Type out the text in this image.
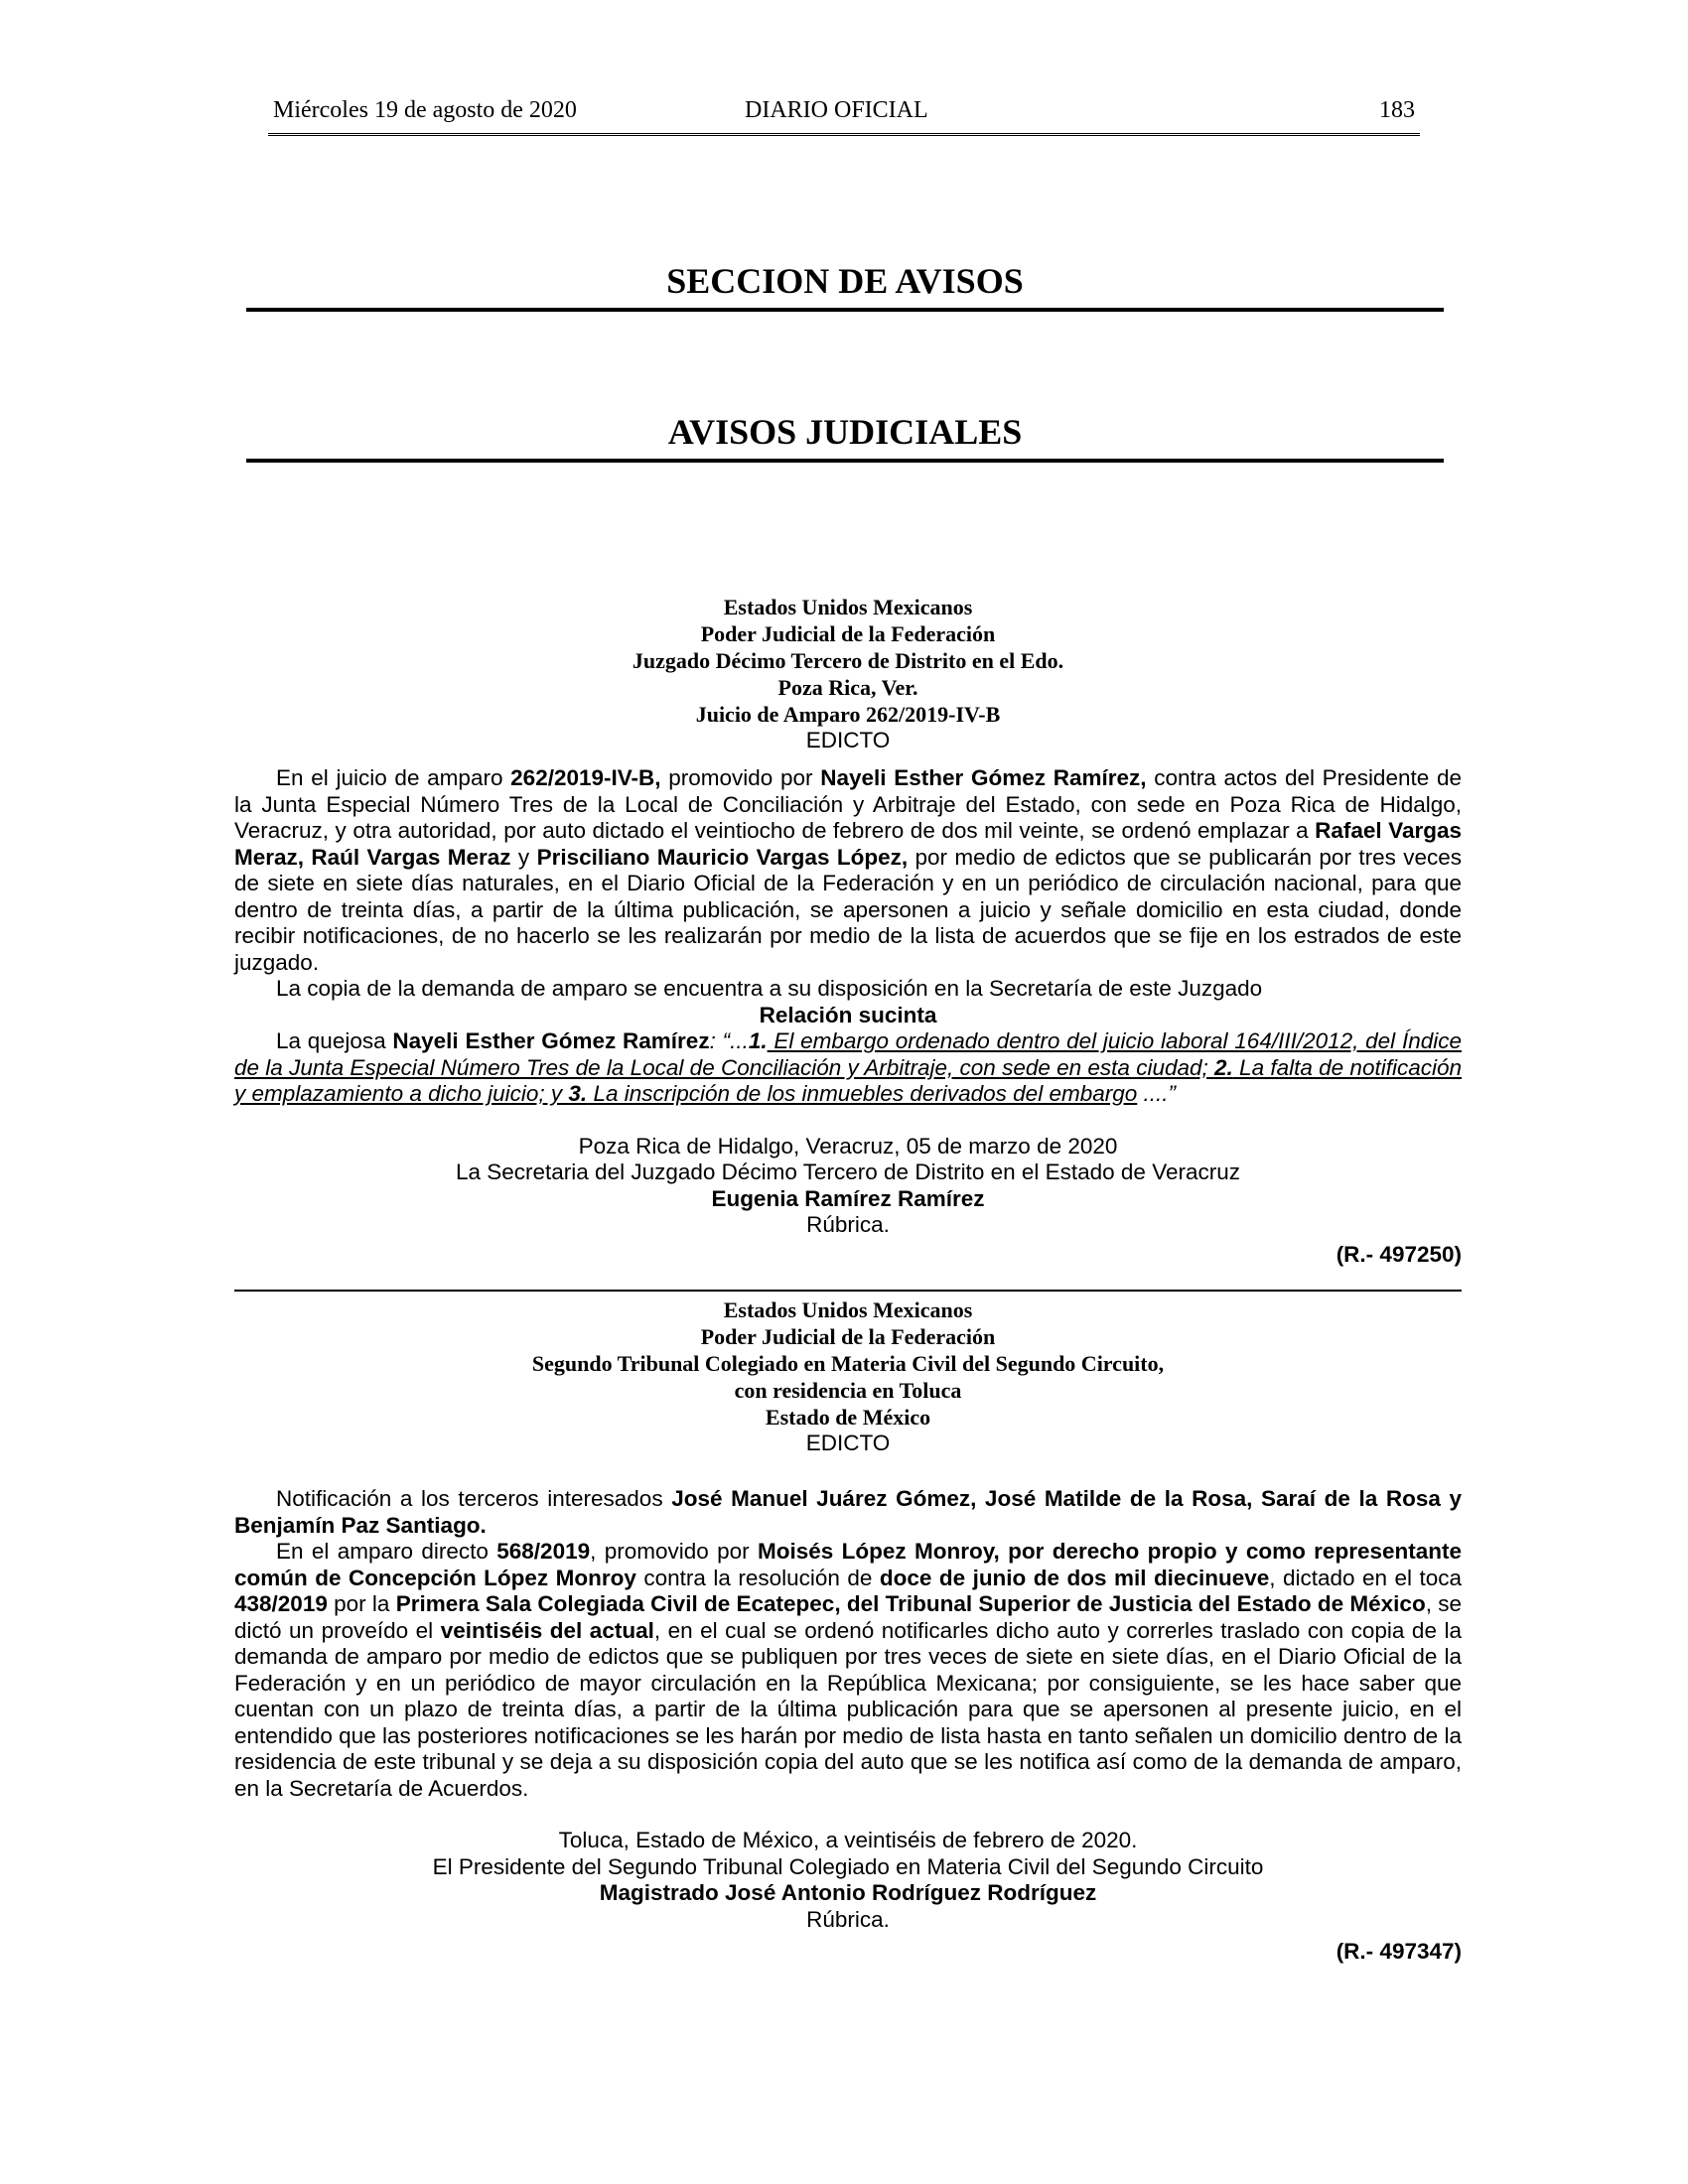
Miércoles 19 de agosto de 2020	DIARIO OFICIAL	183
SECCION DE AVISOS
AVISOS JUDICIALES
Estados Unidos Mexicanos
Poder Judicial de la Federación
Juzgado Décimo Tercero de Distrito en el Edo.
Poza Rica, Ver.
Juicio de Amparo 262/2019-IV-B
EDICTO

En el juicio de amparo 262/2019-IV-B, promovido por Nayeli Esther Gómez Ramírez, contra actos del Presidente de la Junta Especial Número Tres de la Local de Conciliación y Arbitraje del Estado, con sede en Poza Rica de Hidalgo, Veracruz, y otra autoridad, por auto dictado el veintiocho de febrero de dos mil veinte, se ordenó emplazar a Rafael Vargas Meraz, Raúl Vargas Meraz y Prisciliano Mauricio Vargas López, por medio de edictos que se publicarán por tres veces de siete en siete días naturales, en el Diario Oficial de la Federación y en un periódico de circulación nacional, para que dentro de treinta días, a partir de la última publicación, se apersonen a juicio y señale domicilio en esta ciudad, donde recibir notificaciones, de no hacerlo se les realizarán por medio de la lista de acuerdos que se fije en los estrados de este juzgado.

La copia de la demanda de amparo se encuentra a su disposición en la Secretaría de este Juzgado

Relación sucinta

La quejosa Nayeli Esther Gómez Ramírez: “...1. El embargo ordenado dentro del juicio laboral 164/III/2012, del Índice de la Junta Especial Número Tres de la Local de Conciliación y Arbitraje, con sede en esta ciudad; 2. La falta de notificación y emplazamiento a dicho juicio; y 3. La inscripción de los inmuebles derivados del embargo ....”

Poza Rica de Hidalgo, Veracruz, 05 de marzo de 2020

La Secretaria del Juzgado Décimo Tercero de Distrito en el Estado de Veracruz

Eugenia Ramírez Ramírez

Rúbrica.

(R.- 497250)

Estados Unidos Mexicanos
Poder Judicial de la Federación
Segundo Tribunal Colegiado en Materia Civil del Segundo Circuito,
con residencia en Toluca
Estado de México
EDICTO

Notificación a los terceros interesados José Manuel Juárez Gómez, José Matilde de la Rosa, Saraí de la Rosa y Benjamín Paz Santiago.

En el amparo directo 568/2019, promovido por Moisés López Monroy, por derecho propio y como representante común de Concepción López Monroy contra la resolución de doce de junio de dos mil diecinueve, dictado en el toca 438/2019 por la Primera Sala Colegiada Civil de Ecatepec, del Tribunal Superior de Justicia del Estado de México, se dictó un proveído el veintiséis del actual, en el cual se ordenó notificarles dicho auto y correrles traslado con copia de la demanda de amparo por medio de edictos que se publiquen por tres veces de siete en siete días, en el Diario Oficial de la Federación y en un periódico de mayor circulación en la República Mexicana; por consiguiente, se les hace saber que cuentan con un plazo de treinta días, a partir de la última publicación para que se apersonen al presente juicio, en el entendido que las posteriores notificaciones se les harán por medio de lista hasta en tanto señalen un domicilio dentro de la residencia de este tribunal y se deja a su disposición copia del auto que se les notifica así como de la demanda de amparo, en la Secretaría de Acuerdos.

Toluca, Estado de México, a veintiséis de febrero de 2020.

El Presidente del Segundo Tribunal Colegiado en Materia Civil del Segundo Circuito

Magistrado José Antonio Rodríguez Rodríguez

Rúbrica.

(R.- 497347)
